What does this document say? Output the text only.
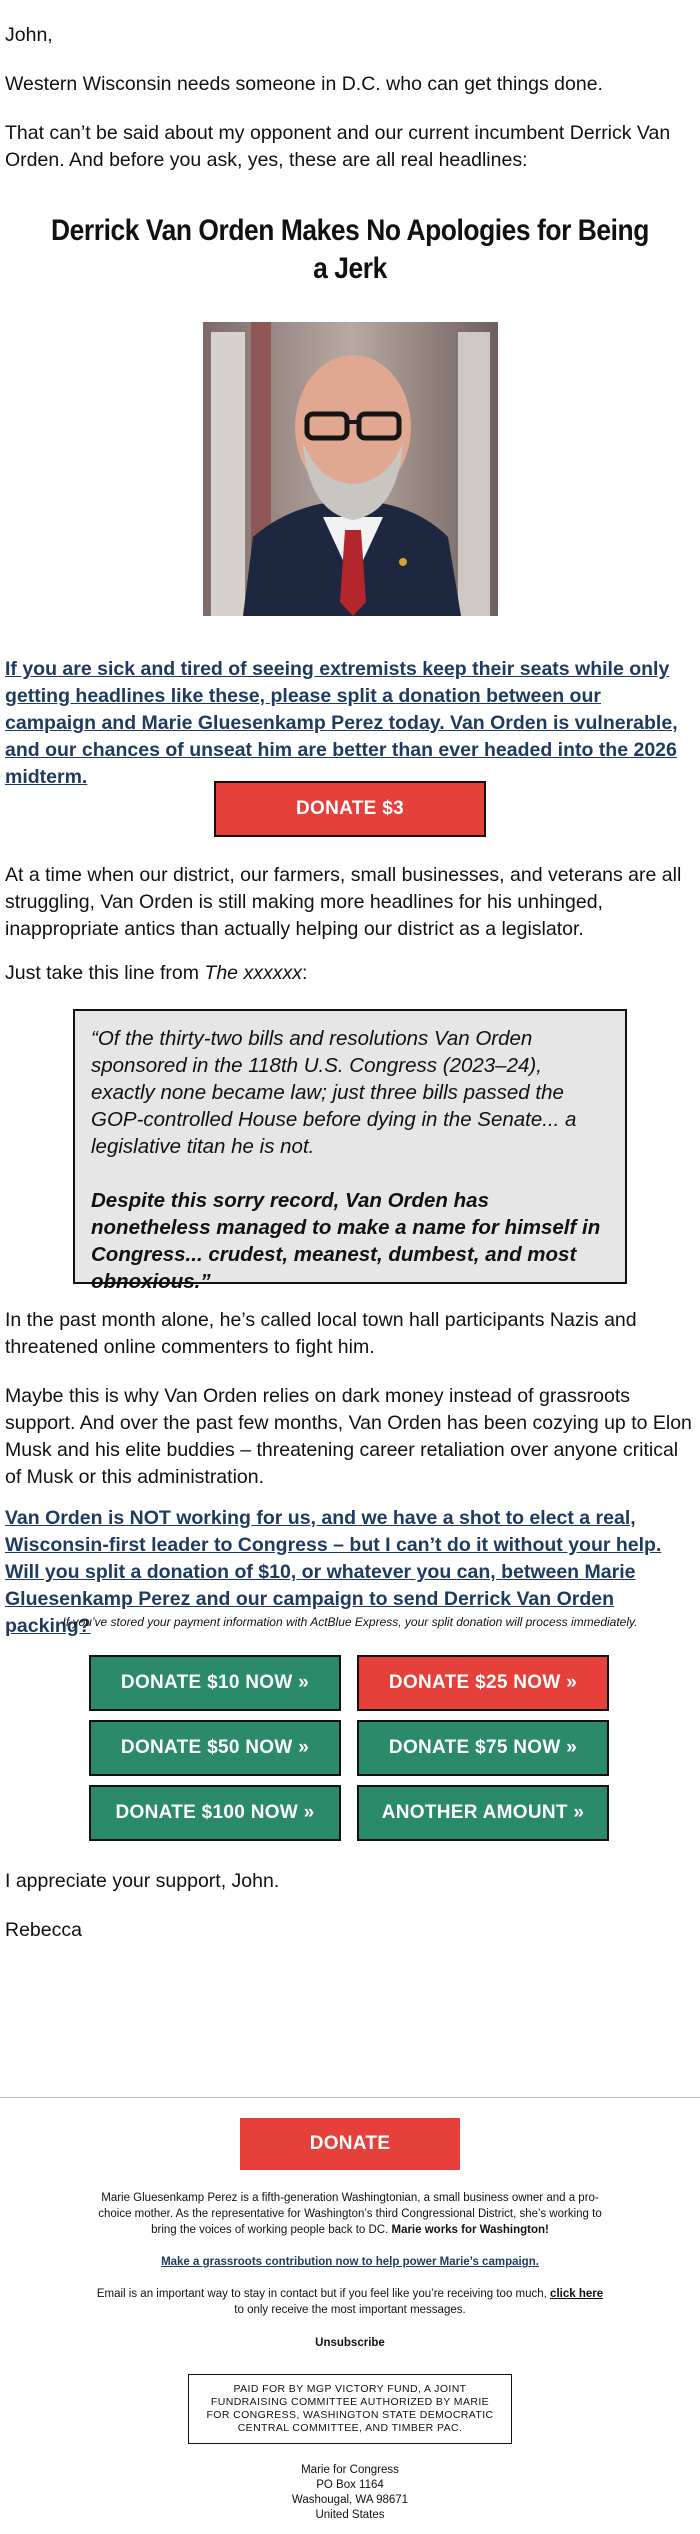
John,

Western Wisconsin needs someone in D.C. who can get things done.

That can’t be said about my opponent and our current incumbent Derrick Van Orden. And before you ask, yes, these are all real headlines:

Derrick Van Orden Makes No Apologies for Being a Jerk
If you are sick and tired of seeing extremists keep their seats while only getting headlines like these, please split a donation between our campaign and Marie Gluesenkamp Perez today. Van Orden is vulnerable, and our chances of unseat him are better than ever headed into the 2026 midterm.
DONATE $3

At a time when our district, our farmers, small businesses, and veterans are all struggling, Van Orden is still making more headlines for his unhinged, inappropriate antics than actually helping our district as a legislator.

Just take this line from The xxxxxx:

“Of the thirty-two bills and resolutions Van Orden sponsored in the 118th U.S. Congress (2023–24), exactly none became law; just three bills passed the GOP-controlled House before dying in the Senate... a legislative titan he is not.
Despite this sorry record, Van Orden has nonetheless managed to make a name for himself in Congress... crudest, meanest, dumbest, and most obnoxious.”

In the past month alone, he’s called local town hall participants Nazis and threatened online commenters to fight him.

Maybe this is why Van Orden relies on dark money instead of grassroots support. And over the past few months, Van Orden has been cozying up to Elon Musk and his elite buddies – threatening career retaliation over anyone critical of Musk or this administration.

Van Orden is NOT working for us, and we have a shot to elect a real, Wisconsin-first leader to Congress – but I can’t do it without your help. Will you split a donation of $10, or whatever you can, between Marie Gluesenkamp Perez and our campaign to send Derrick Van Orden packing?
If you’ve stored your payment information with ActBlue Express, your split donation will process immediately.
DONATE $10 NOW »	DONATE $25 NOW »
DONATE $50 NOW »	DONATE $75 NOW »
DONATE $100 NOW »	ANOTHER AMOUNT »

I appreciate your support, John.

Rebecca

DONATE
Marie Gluesenkamp Perez is a fifth-generation Washingtonian, a small business owner and a pro-choice mother. As the representative for Washington’s third Congressional District, she’s working to bring the voices of working people back to DC. Marie works for Washington!
Make a grassroots contribution now to help power Marie’s campaign.
Email is an important way to stay in contact but if you feel like you’re receiving too much, click here to only receive the most important messages.
Unsubscribe
PAID FOR BY MGP VICTORY FUND, A JOINT FUNDRAISING COMMITTEE AUTHORIZED BY MARIE FOR CONGRESS, WASHINGTON STATE DEMOCRATIC CENTRAL COMMITTEE, AND TIMBER PAC.
Marie for Congress
PO Box 1164
Washougal, WA 98671
United States
